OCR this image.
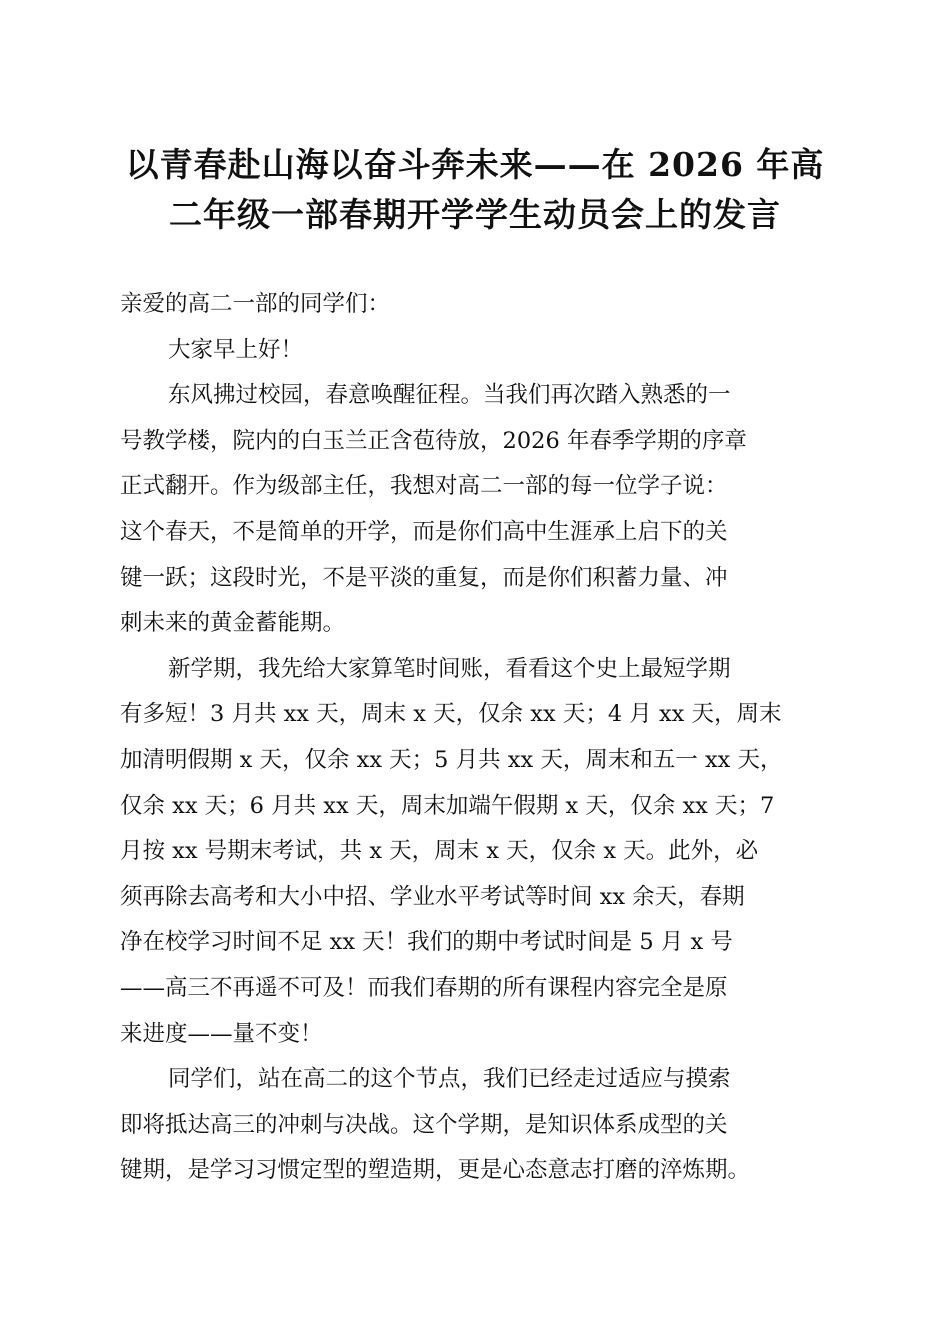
以青春赴山海以奋斗奔未来——在 2026 年高
二年级一部春期开学学生动员会上的发言

亲爱的高二一部的同学们：

大家早上好！

东风拂过校园，春意唤醒征程。当我们再次踏入熟悉的一
号教学楼，院内的白玉兰正含苞待放，2026 年春季学期的序章
正式翻开。作为级部主任，我想对高二一部的每一位学子说：
这个春天，不是简单的开学，而是你们高中生涯承上启下的关
键一跃；这段时光，不是平淡的重复，而是你们积蓄力量、冲
刺未来的黄金蓄能期。

新学期，我先给大家算笔时间账，看看这个史上最短学期
有多短！3 月共 xx 天，周末 x 天，仅余 xx 天；4 月 xx 天，周末
加清明假期 x 天，仅余 xx 天；5 月共 xx 天，周末和五一 xx 天，
仅余 xx 天；6 月共 xx 天，周末加端午假期 x 天，仅余 xx 天；7
月按 xx 号期末考试，共 x 天，周末 x 天，仅余 x 天。此外，必
须再除去高考和大小中招、学业水平考试等时间 xx 余天，春期
净在校学习时间不足 xx 天！我们的期中考试时间是 5 月 x 号
——高三不再遥不可及！而我们春期的所有课程内容完全是原
来进度——量不变！

同学们，站在高二的这个节点，我们已经走过适应与摸索
即将抵达高三的冲刺与决战。这个学期，是知识体系成型的关
键期，是学习习惯定型的塑造期，更是心态意志打磨的淬炼期。
